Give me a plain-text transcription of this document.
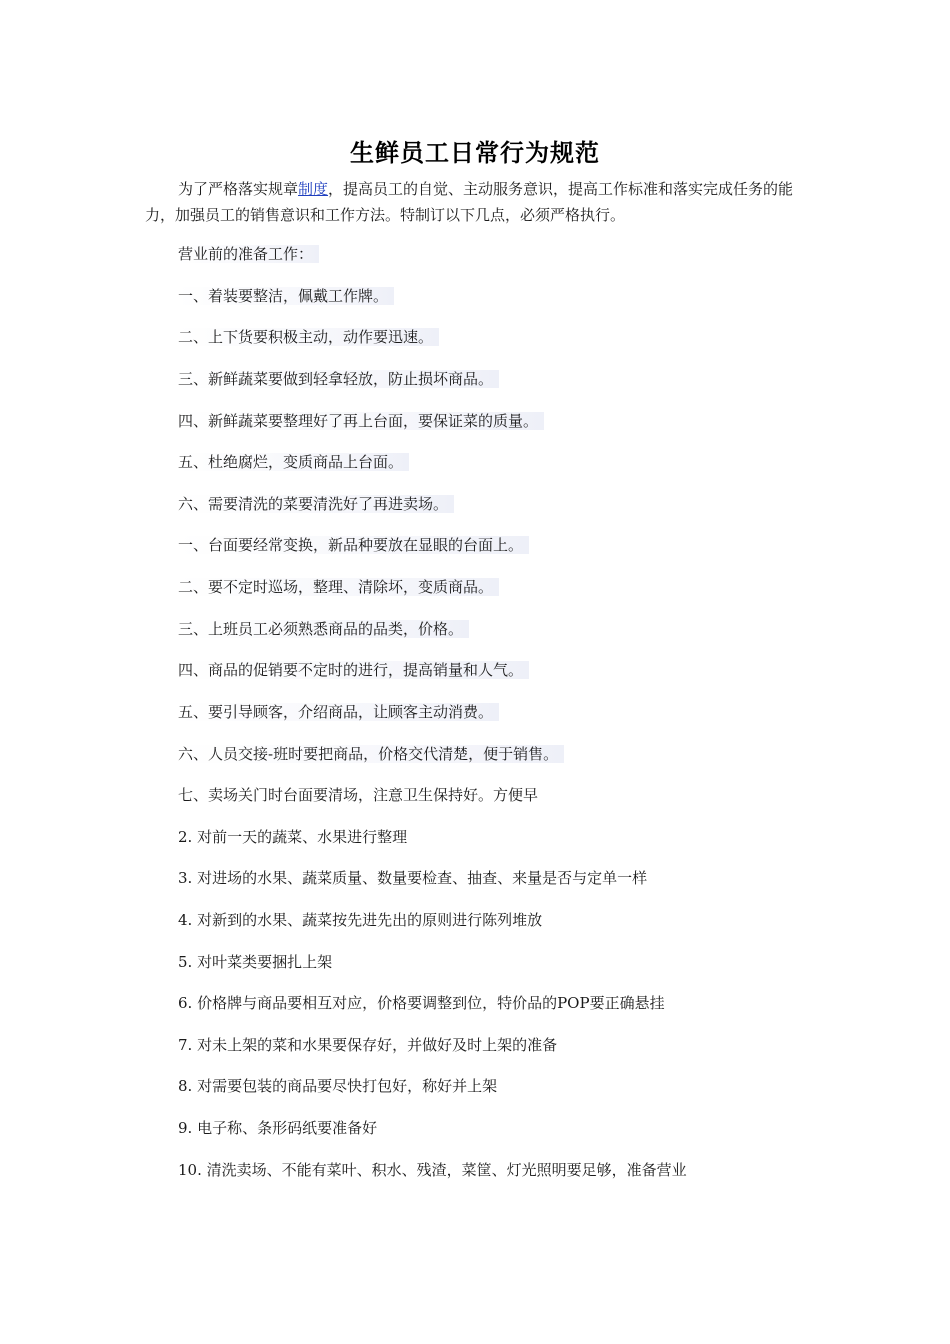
生鲜员工日常行为规范

为了严格落实规章制度，提高员工的自觉、主动服务意识，提高工作标准和落实完成任务的能力，加强员工的销售意识和工作方法。特制订以下几点，必须严格执行。

营业前的准备工作：

一、着装要整洁，佩戴工作牌。

二、上下货要积极主动，动作要迅速。

三、新鲜蔬菜要做到轻拿轻放，防止损坏商品。

四、新鲜蔬菜要整理好了再上台面，要保证菜的质量。

五、杜绝腐烂，变质商品上台面。

六、需要清洗的菜要清洗好了再进卖场。

一、台面要经常变换，新品种要放在显眼的台面上。

二、要不定时巡场，整理、清除坏，变质商品。

三、上班员工必须熟悉商品的品类，价格。

四、商品的促销要不定时的进行，提高销量和人气。

五、要引导顾客，介绍商品，让顾客主动消费。

六、人员交接-班时要把商品，价格交代清楚，便于销售。

七、卖场关门时台面要清场，注意卫生保持好。方便早

2. 对前一天的蔬菜、水果进行整理

3. 对进场的水果、蔬菜质量、数量要检查、抽查、来量是否与定单一样

4. 对新到的水果、蔬菜按先进先出的原则进行陈列堆放

5. 对叶菜类要捆扎上架

6. 价格牌与商品要相互对应，价格要调整到位，特价品的POP要正确悬挂

7. 对未上架的菜和水果要保存好，并做好及时上架的准备

8. 对需要包装的商品要尽快打包好，称好并上架

9. 电子称、条形码纸要准备好

10. 清洗卖场、不能有菜叶、积水、残渣，菜筐、灯光照明要足够，准备营业
